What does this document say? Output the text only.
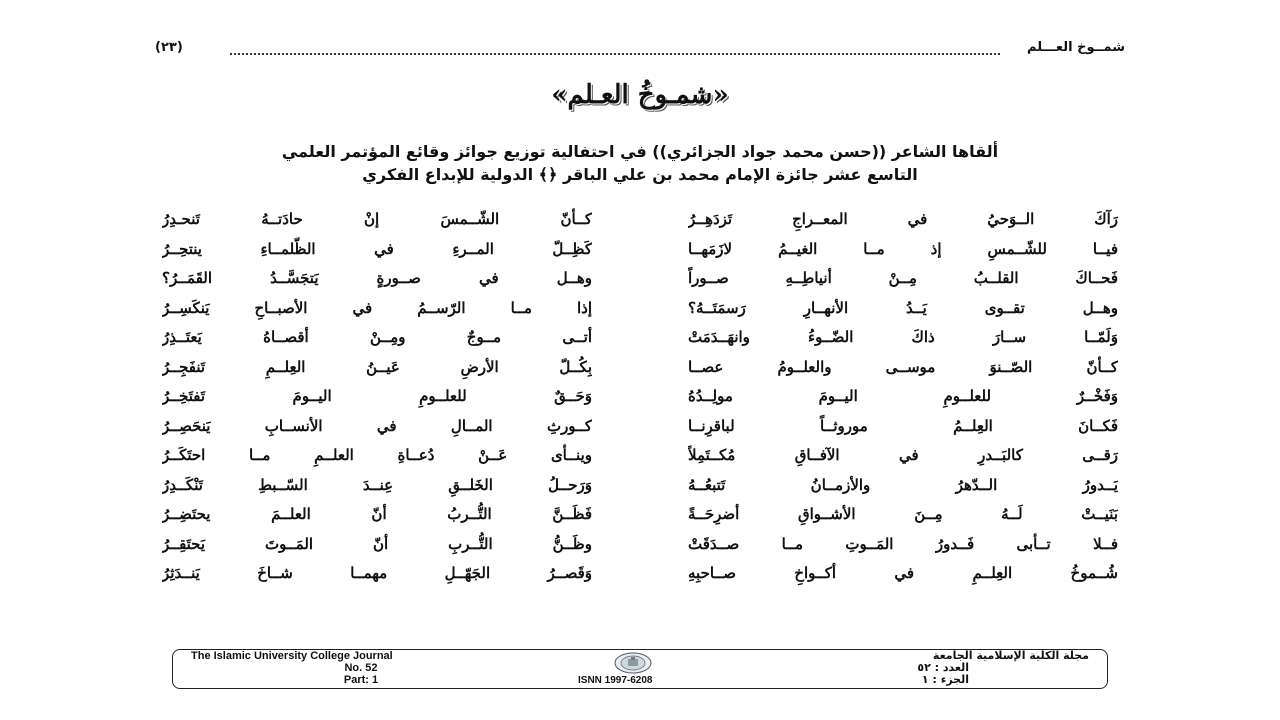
شمــوخ العـــلم
(٢٣)
«شمـوخُ العـلم»

ألقاها الشاعر ((حسن محمد جواد الجزائري)) في احتفالية توزيع جوائز وقائع المؤتمر العلمي

التاسع عشر جائزة الإمام محمد بن علي الباقر ﴿﴾ الدولية للإبداع الفكري

رَآكَ الــوَحيُ في المعــراجِ تَزدَهِــرُ
كــأنّ الشّــمسَ إنْ حادَتــهُ تَنحـدِرُ
فيــا للشّــمسِ إذ مــا الغيــمُ لازَمَهــا
كَظِــلّ المــرءِ في الظّلمــاءِ ينتحِــرُ
فَحــاكَ القلــبُ مِــنْ أنياطِــهِ صــوراً
وهــل في صــورةٍ يَتجَسَّــدُ القَمَــرُ؟
وهــل تقــوى يَــدُ الأنهــارِ رَسمَتَــهُ؟
إذا مــا الرّســمُ في الأصبــاحِ يَنكَسِــرُ
وَلَمّــا ســارَ ذاكَ الضّــوءُ وانهَــدَمَتْ
أتــى مــوجٌ ومِــنْ أقصــاهُ يَعتَــذِرُ
كــأنّ الصّــنوَ موســى والعلــومُ عصــا
بِكُــلّ الأرضِ عَيــنُ العِلــمِ تَنفَجِــرُ
وَفَخْــرٌ للعلــومِ اليــومَ مولِــدُهُ
وَحَــقٌ للعلــومِ اليــومَ تَفتَخِــرُ
فَكــانَ العِلــمُ موروثــاً لباقرِنــا
كــورثِ المــالِ في الأنســابِ يَنحَصِــرُ
رَقــى كالبَــدرِ في الآفــاقِ مُكــتَمِلاً
وينــأى عَــنْ دُعــاةِ العلــمِ مــا احتَكَــرُ
يَــدورُ الــدّهرُ والأزمــانُ تَتبعُــهُ
وَرَحــلُ الخَلــقِ عِنــدَ السّــبطِ تَنْكَــدِرُ
بَنَيــتْ لَــهُ مِــنَ الأشــواقِ أضرِحَــةً
فَظَــنَّ التُّــربُ أنّ العلــمَ يحتَضِــرُ
فــلا تــأبى فَــدورُ المَــوتِ مــا صــدَقَتْ
وظَــنُّ التُّــربِ أنّ المَــوتَ يَحتَقِــرُ
شُــموخُ العِلــمِ في أكــواخِ صــاحبِهِ
وَقَصــرُ الجَهّــلِ مهمــا شــاخَ يَنــدَثِرُ
The Islamic University College Journal
No. 52
Part: 1	ISNN 1997-6208
مجلة الكلية الإسلامية الجامعة
العدد : ٥٢
الجزء : ١
